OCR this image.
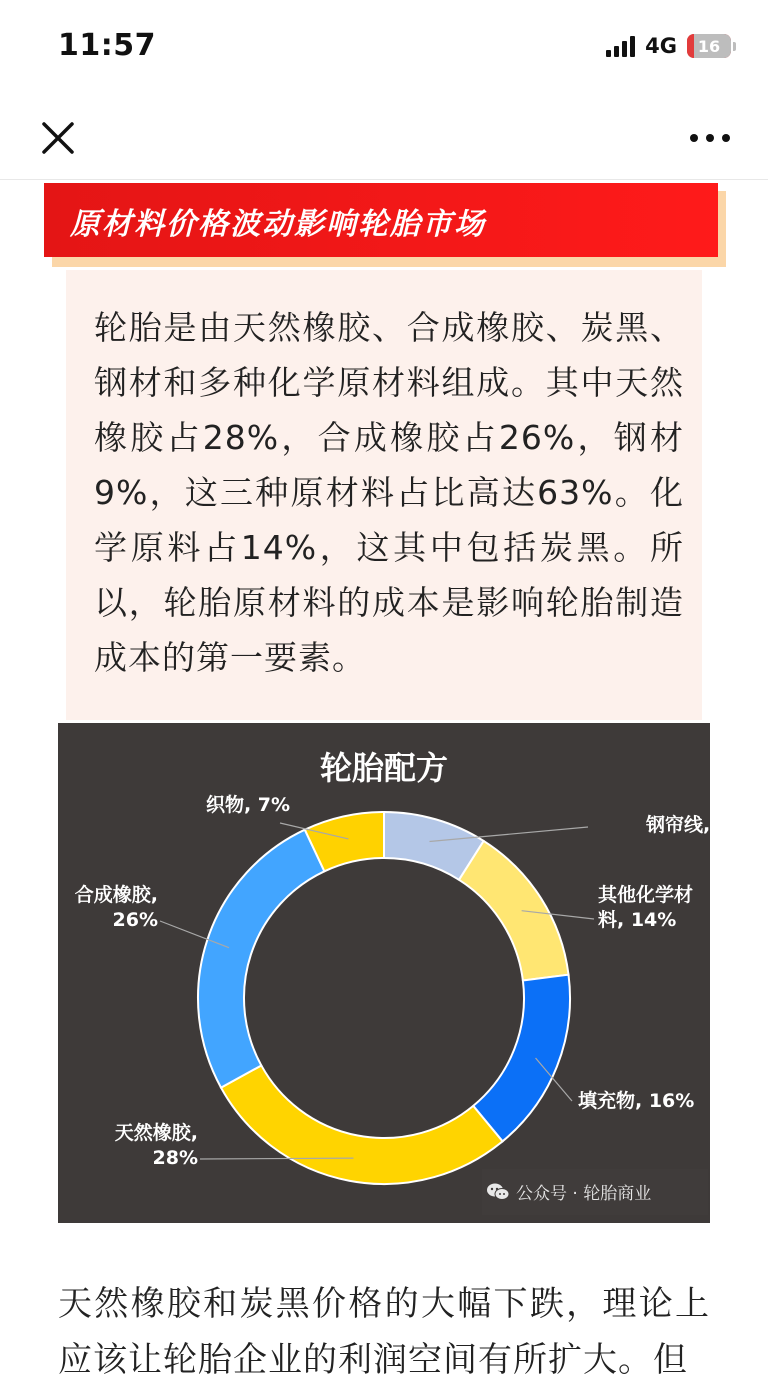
11:57	4G 16
原材料价格波动影响轮胎市场

轮胎是由天然橡胶、合成橡胶、炭黑、钢材和多种化学原材料组成。其中天然橡胶占28%，合成橡胶占26%，钢材9%，这三种原材料占比高达63%。化学原料占14%，这其中包括炭黑。所以，轮胎原材料的成本是影响轮胎制造成本的第一要素。

钢帘线, 9%
其他化学材料, 14%
填充物, 16%
天然橡胶, 28%
合成橡胶, 26%
织物, 7%
轮胎配方
公众号 · 轮胎商业

天然橡胶和炭黑价格的大幅下跌，理论上应该让轮胎企业的利润空间有所扩大。但
